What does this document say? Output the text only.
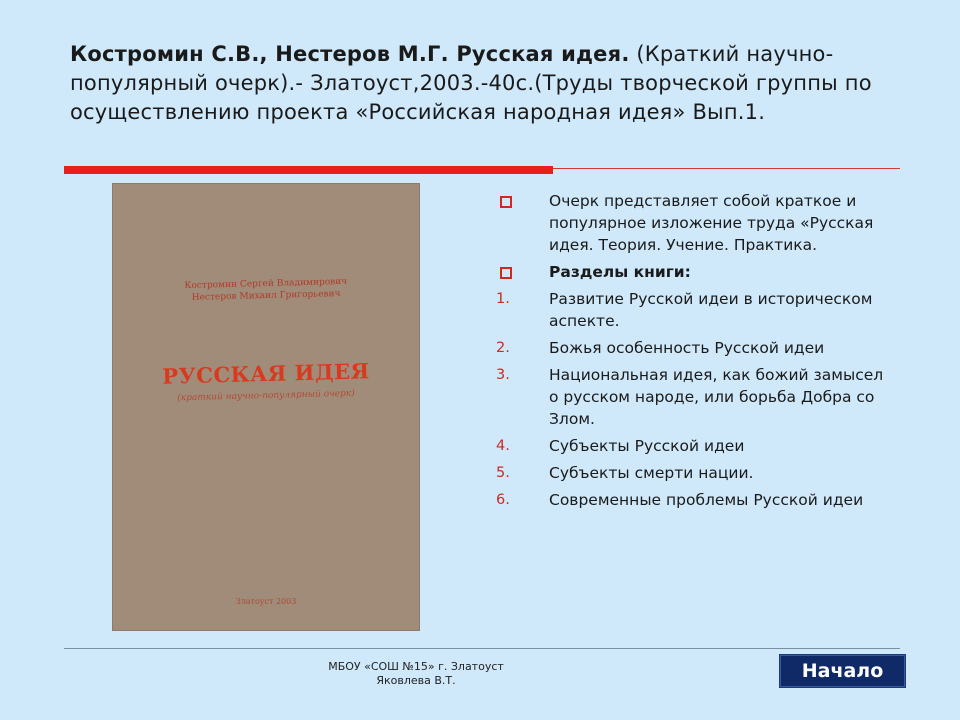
Костромин С.В., Нестеров М.Г. Русская идея. (Краткий научно-популярный очерк).- Златоуст,2003.-40с.(Труды творческой группы по осуществлению проекта «Российская народная идея» Вып.1.
Костромин Сергей Владимирович
Нестеров Михаил Григорьевич
РУССКАЯ ИДЕЯ
(краткий научно-популярный очерк)
Златоуст 2003
Очерк представляет собой краткое и популярное изложение труда «Русская идея. Теория. Учение. Практика.
Разделы книги:
1.	Развитие Русской идеи в историческом аспекте.
2.	Божья особенность Русской идеи
3.	Национальная идея, как божий замысел о русском народе, или борьба Добра со Злом.
4.	Субъекты Русской идеи
5.	Субъекты смерти нации.
6.	Современные проблемы Русской идеи
МБОУ «СОШ №15» г. Златоуст
Яковлева В.Т.	Начало
